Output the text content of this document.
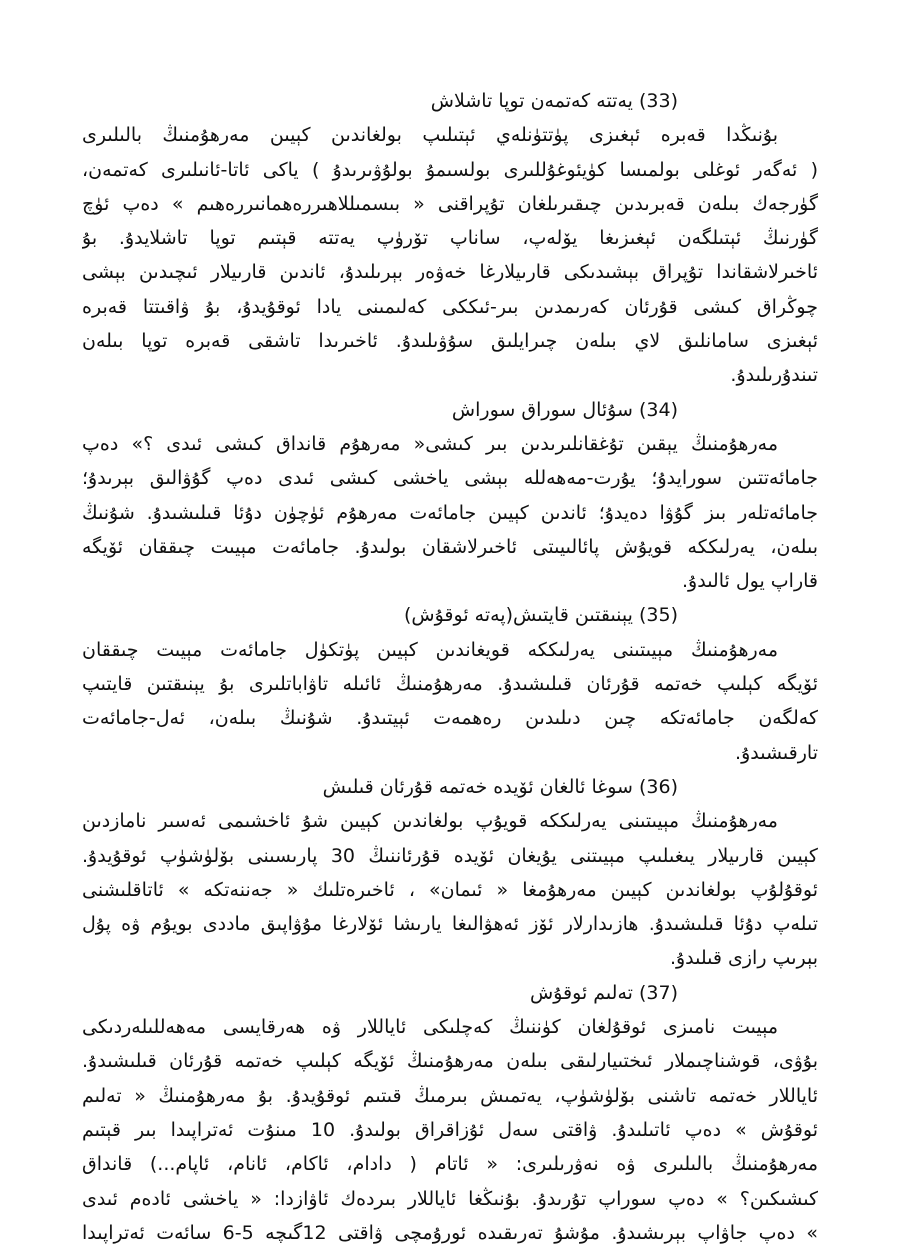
(33) يەتتە كەتمەن توپا تاشلاش
بۇنىڭدا قەبرە ئېغىزى پۈتتۈنلەي ئېتىلىپ بولغاندىن كېيىن مەرھۇمنىڭ بالىلىرى
( ئەگەر ئوغلى بولمىسا كۈيئوغۇللىرى بولسىمۇ بولۇۋىرىدۇ ) ياكى ئاتا-ئانىلىرى كەتمەن،
گۈرجەك بىلەن قەبرىدىن چىقىرىلغان تۇپراقنى « بىسمىللاھىررەھمانىررەھىم » دەپ ئۈچ
گۈرنىڭ ئېتىلگەن ئېغىزىغا يۆلەپ، ساناپ تۆرۈپ يەتتە قېتىم توپا تاشلايدۇ. بۇ
ئاخىرلاشقاندا تۇپراق بېشىدىكى قارىيلارغا خەۋەر بېرىلىدۇ، ئاندىن قارىيلار ئىچىدىن بېشى
چوڭراق كىشى قۇرئان كەرىمدىن بىر-ئىككى كەلىمىنى يادا ئوقۇيدۇ، بۇ ۋاقىتتا قەبرە
ئېغىزى سامانلىق لاي بىلەن چىرايلىق سۇۋىلىدۇ. ئاخىرىدا تاشقى قەبرە توپا بىلەن
تىندۇرىلىدۇ.
(34) سۇئال سوراق سوراش
مەرھۇمنىڭ يېقىن تۇغقانلىرىدىن بىر كىشى« مەرھۇم قانداق كىشى ئىدى ؟» دەپ
جامائەتتىن سورايدۇ؛ يۇرت-مەھەللە بېشى ياخشى كىشى ئىدى دەپ گۇۋالىق بېرىدۇ؛
جامائەتلەر بىز گۇۋا دەيدۇ؛ ئاندىن كېيىن جامائەت مەرھۇم ئۈچۈن دۇئا قىلىشىدۇ. شۇنىڭ
بىلەن، يەرلىككە قويۇش پائالىيىتى ئاخىرلاشقان بولىدۇ. جامائەت مېيىت چىققان ئۆيگە
قاراپ يول ئالىدۇ.
(35) يېنىقتىن قايتىش(پەتە ئوقۇش)
مەرھۇمنىڭ مېيىتىنى يەرلىككە قويغاندىن كېيىن پۈتكۈل جامائەت مېيىت چىققان
ئۆيگە كېلىپ خەتمە قۇرئان قىلىشىدۇ. مەرھۇمنىڭ ئائىلە تاۋاباتلىرى بۇ يېنىقتىن قايتىپ
كەلگەن جامائەتكە چىن دىلىدىن رەھمەت ئېيتىدۇ. شۇنىڭ بىلەن، ئەل-جامائەت
تارقىشىدۇ.
(36) سوغا ئالغان ئۆيدە خەتمە قۇرئان قىلىش
مەرھۇمنىڭ مېيىتىنى يەرلىككە قويۇپ بولغاندىن كېيىن شۇ ئاخشىمى ئەسىر نامازدىن
كېيىن قارىيلار يىغىلىپ مېيىتنى يۇيغان ئۆيدە قۇرئاننىڭ 30 پارىسىنى بۆلۈشۈپ ئوقۇيدۇ.
ئوقۇلۇپ بولغاندىن كېيىن مەرھۇمغا « ئىمان» ، ئاخىرەتلىك « جەننەتكە » ئاتاقلىشنى
تىلەپ دۇئا قىلىشىدۇ. ھازىدارلار ئۆز ئەھۋالىغا يارىشا ئۆلارغا مۇۋاپىق ماددى بويۇم ۋە پۇل
بېرىپ رازى قىلىدۇ.
(37) تەلىم ئوقۇش
مېيىت نامىزى ئوقۇلغان كۈننىڭ كەچلىكى ئاياللار ۋە ھەرقايسى مەھەللىلەردىكى
بۇۋى، قوشناچىملار ئىختىيارلىقى بىلەن مەرھۇمنىڭ ئۆيگە كېلىپ خەتمە قۇرئان قىلىشىدۇ.
ئاياللار خەتمە تاشنى بۆلۈشۈپ، يەتمىش بىرمىڭ قىتىم ئوقۇيدۇ. بۇ مەرھۇمنىڭ « تەلىم
ئوقۇش » دەپ ئاتىلىدۇ. ۋاقتى سەل ئۇزاقراق بولىدۇ. 10 مىنۇت ئەتراپىدا بىر قېتىم
مەرھۇمنىڭ بالىلىرى ۋە نەۋرىلىرى: « ئاتام ( دادام، ئاكام، ئانام، ئاپام...) قانداق
كىشىكىن؟ » دەپ سوراپ تۇرىدۇ. بۇنىڭغا ئاياللار بىردەك ئاۋازدا: « ياخشى ئادەم ئىدى
» دەپ جاۋاپ بېرىشىدۇ. مۇشۇ تەرىقىدە ئورۇمچى ۋاقتى 12گىچە 5-6 سائەت ئەتراپىدا
